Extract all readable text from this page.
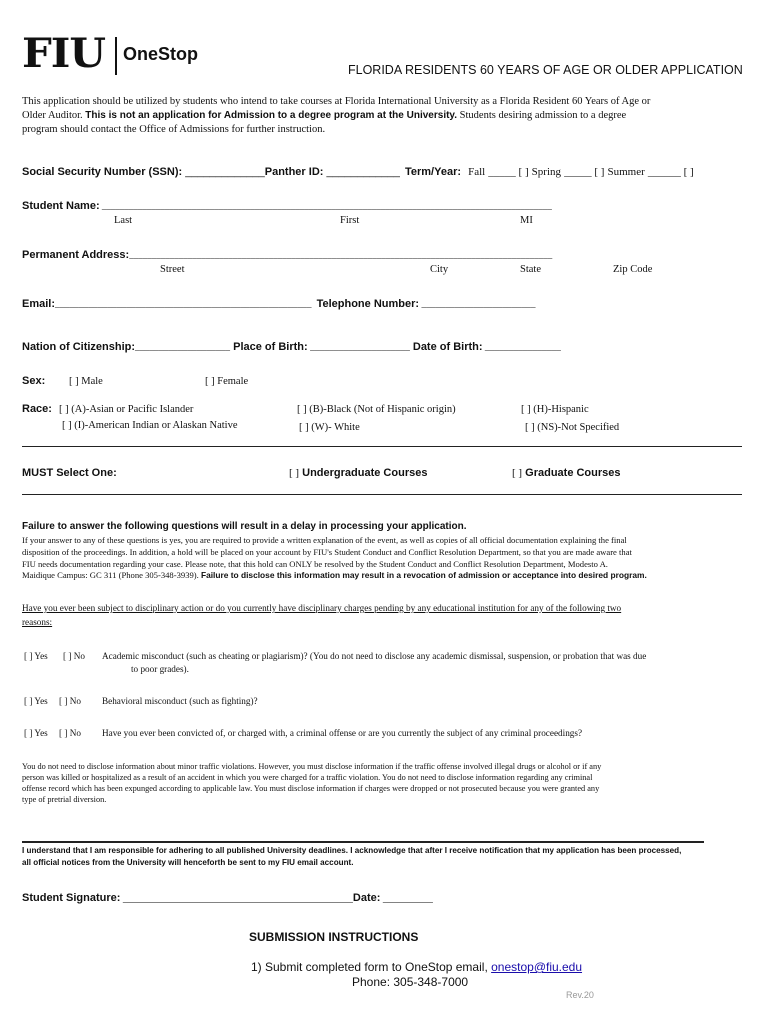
FIU OneStop
FLORIDA RESIDENTS 60 YEARS OF AGE OR OLDER APPLICATION
This application should be utilized by students who intend to take courses at Florida International University as a Florida Resident 60 Years of Age or
Older Auditor. This is not an application for Admission to a degree program at the University. Students desiring admission to a degree
program should contact the Office of Admissions for further instruction.
Social Security Number (SSN): _____________Panther ID: ____________ Term/Year: Fall _____ [ ] Spring _____ [ ] Summer ______ [ ]
Student Name: ____________________________________________________________________________________________________
Last	First	MI
Permanent Address:______________________________________________________________________________________________
Street	City	State	Zip Code
Email:______________________________________________________ Telephone Number: ________________________
Nation of Citizenship:____________________ Place of Birth: _____________________ Date of Birth: ________________
Sex: [ ] Male	[ ] Female
Race: [ ] (A)-Asian or Pacific Islander	[ ] (B)-Black (Not of Hispanic origin)	[ ] (H)-Hispanic
[ ] (I)-American Indian or Alaskan Native	[ ] (W)- White	[ ] (NS)-Not Specified
MUST Select One:	[ ] Undergraduate Courses	[ ] Graduate Courses
Failure to answer the following questions will result in a delay in processing your application.
If your answer to any of these questions is yes, you are required to provide a written explanation of the event, as well as copies of all official documentation explaining the final
disposition of the proceedings. In addition, a hold will be placed on your account by FIU's Student Conduct and Conflict Resolution Department, so that you are made aware that
FIU needs documentation regarding your case. Please note, that this hold can ONLY be resolved by the Student Conduct and Conflict Resolution Department, Modesto A.
Maidique Campus: GC 311 (Phone 305-348-3939). Failure to disclose this information may result in a revocation of admission or acceptance into desired program.
Have you ever been subject to disciplinary action or do you currently have disciplinary charges pending by any educational institution for any of the following two
reasons:
[ ] Yes [ ] No Academic misconduct (such as cheating or plagiarism)? (You do not need to disclose any academic dismissal, suspension, or probation that was due
to poor grades).
[ ] Yes [ ] No Behavioral misconduct (such as fighting)?
[ ] Yes [ ] No Have you ever been convicted of, or charged with, a criminal offense or are you currently the subject of any criminal proceedings?
You do not need to disclose information about minor traffic violations. However, you must disclose information if the traffic offense involved illegal drugs or alcohol or if any
person was killed or hospitalized as a result of an accident in which you were charged for a traffic violation. You do not need to disclose information regarding any criminal
offense record which has been expunged according to applicable law. You must disclose information if charges were dropped or not prosecuted because you were granted any
type of pretrial diversion.
I understand that I am responsible for adhering to all published University deadlines. I acknowledge that after I receive notification that my application has been processed,
all official notices from the University will henceforth be sent to my FIU email account.
Student Signature: ______________________________________________Date: __________
SUBMISSION INSTRUCTIONS
1) Submit completed form to OneStop email, onestop@fiu.edu
Phone: 305-348-7000
Rev.20
